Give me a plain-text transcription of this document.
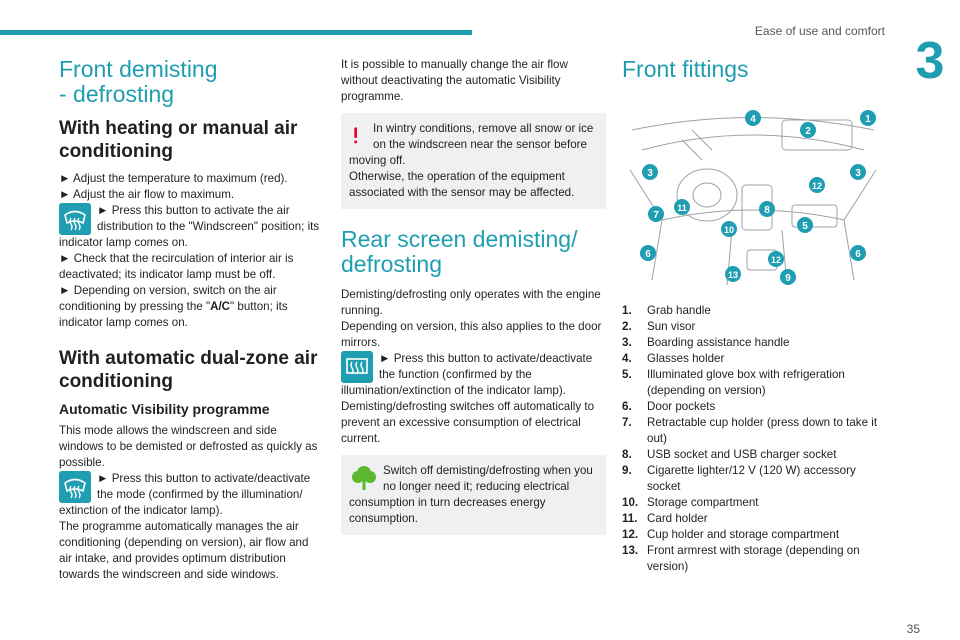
Ease of use and comfort
3
Front demisting
- defrosting
With heating or manual air conditioning

► Adjust the temperature to maximum (red).

► Adjust the air flow to maximum.

► Press this button to activate the air distribution to the "Windscreen" position; its indicator lamp comes on.

► Check that the recirculation of interior air is deactivated; its indicator lamp must be off.

► Depending on version, switch on the air conditioning by pressing the "A/C" button; its indicator lamp comes on.

With automatic dual-zone air conditioning
Automatic Visibility programme

This mode allows the windscreen and side windows to be demisted or defrosted as quickly as possible.

► Press this button to activate/deactivate the mode (confirmed by the illumination/ extinction of the indicator lamp).

The programme automatically manages the air conditioning (depending on version), air flow and air intake, and provides optimum distribution towards the windscreen and side windows.

It is possible to manually change the air flow without deactivating the automatic Visibility programme.

In wintry conditions, remove all snow or ice on the windscreen near the sensor before moving off.
Otherwise, the operation of the equipment associated with the sensor may be affected.
Rear screen demisting/
defrosting

Demisting/defrosting only operates with the engine running.

Depending on version, this also applies to the door mirrors.

► Press this button to activate/deactivate the function (confirmed by the illumination/extinction of the indicator lamp).

Demisting/defrosting switches off automatically to prevent an excessive consumption of electrical current.

Switch off demisting/defrosting when you no longer need it; reducing electrical consumption in turn decreases energy consumption.
Front fittings
1
2
3	3
4
5
6	6
7	8
9
10
11
12
12
13
1. Grab handle
2. Sun visor
3. Boarding assistance handle
4. Glasses holder
5. Illuminated glove box with refrigeration (depending on version)
6. Door pockets
7. Retractable cup holder (press down to take it out)
8. USB socket and USB charger socket
9. Cigarette lighter/12 V (120 W) accessory socket
10. Storage compartment
11. Card holder
12. Cup holder and storage compartment
13. Front armrest with storage (depending on version)
35
